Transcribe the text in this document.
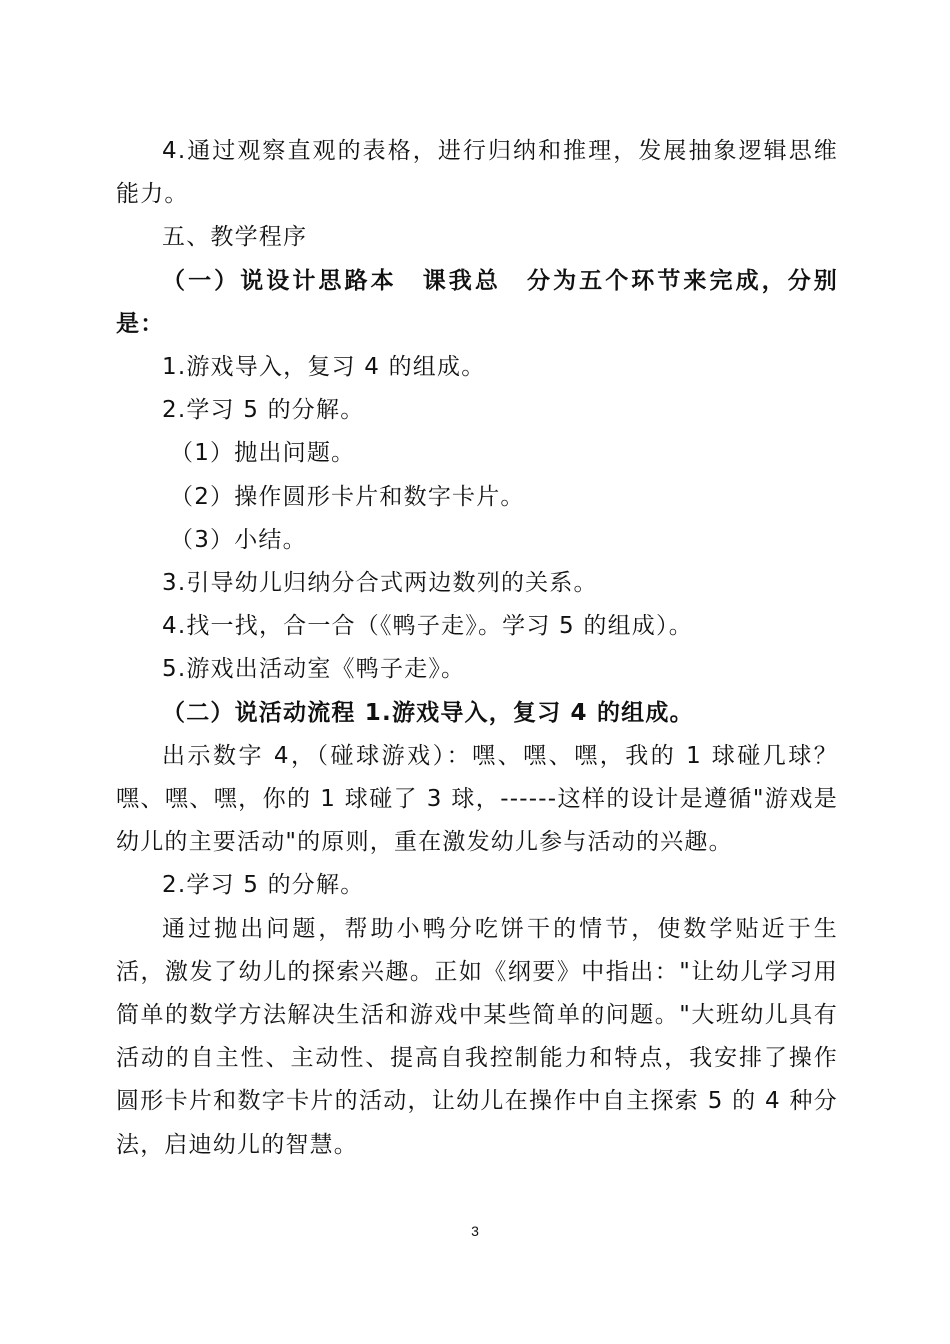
4.通过观察直观的表格，进行归纳和推理，发展抽象逻辑思维能力。

五、教学程序

（一）说设计思路本　课我总　分为五个环节来完成，分别是：

1.游戏导入，复习 4 的组成。

2.学习 5 的分解。

（1）抛出问题。

（2）操作圆形卡片和数字卡片。

（3）小结。

3.引导幼儿归纳分合式两边数列的关系。

4.找一找，合一合（《鸭子走》。学习 5 的组成）。

5.游戏出活动室《鸭子走》。

（二）说活动流程 1.游戏导入，复习 4 的组成。

出示数字 4，（碰球游戏）：嘿、嘿、嘿，我的 1 球碰几球？嘿、嘿、嘿，你的 1 球碰了 3 球，------这样的设计是遵循"游戏是幼儿的主要活动"的原则，重在激发幼儿参与活动的兴趣。

2.学习 5 的分解。

通过抛出问题，帮助小鸭分吃饼干的情节，使数学贴近于生活，激发了幼儿的探索兴趣。正如《纲要》中指出："让幼儿学习用简单的数学方法解决生活和游戏中某些简单的问题。"大班幼儿具有活动的自主性、主动性、提高自我控制能力和特点，我安排了操作圆形卡片和数字卡片的活动，让幼儿在操作中自主探索 5 的 4 种分法，启迪幼儿的智慧。

3
